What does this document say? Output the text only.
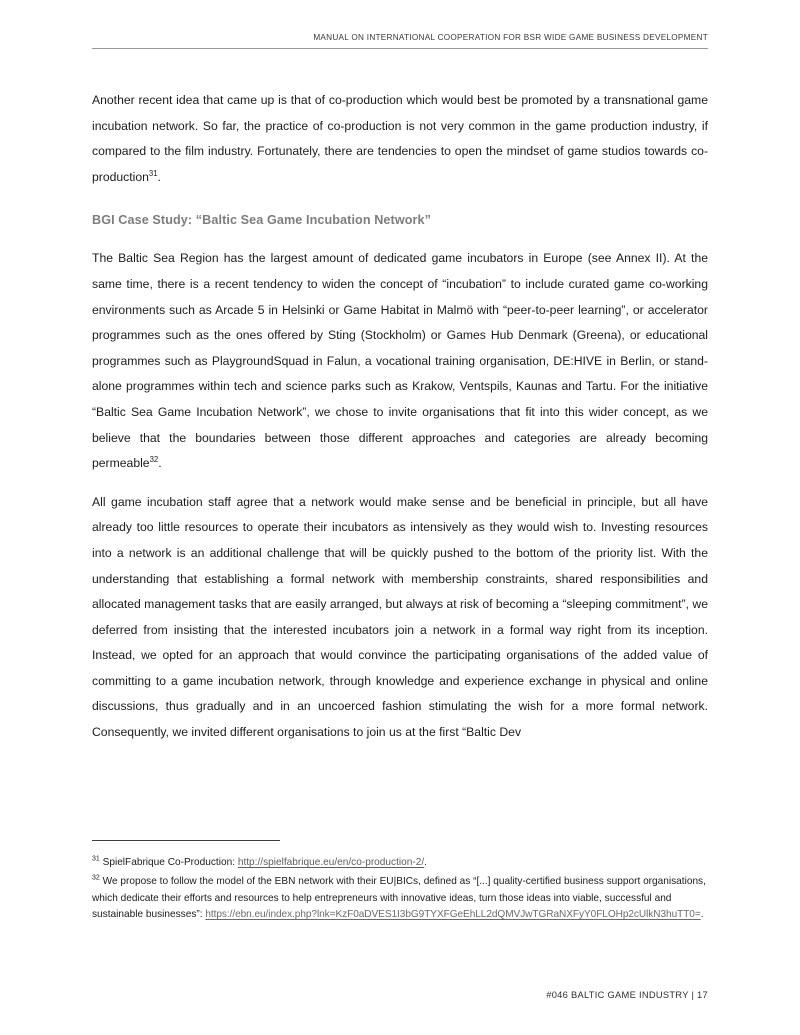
MANUAL ON INTERNATIONAL COOPERATION FOR BSR WIDE GAME BUSINESS DEVELOPMENT

Another recent idea that came up is that of co-production which would best be promoted by a transnational game incubation network. So far, the practice of co-production is not very common in the game production industry, if compared to the film industry. Fortunately, there are tendencies to open the mindset of game studios towards co-production$^{31}$.

BGI Case Study: “Baltic Sea Game Incubation Network”

The Baltic Sea Region has the largest amount of dedicated game incubators in Europe (see Annex II). At the same time, there is a recent tendency to widen the concept of “incubation” to include curated game co-working environments such as Arcade 5 in Helsinki or Game Habitat in Malmö with “peer-to-peer learning”, or accelerator programmes such as the ones offered by Sting (Stockholm) or Games Hub Denmark (Greena), or educational programmes such as PlaygroundSquad in Falun, a vocational training organisation, DE:HIVE in Berlin, or stand-alone programmes within tech and science parks such as Krakow, Ventspils, Kaunas and Tartu. For the initiative “Baltic Sea Game Incubation Network”, we chose to invite organisations that fit into this wider concept, as we believe that the boundaries between those different approaches and categories are already becoming permeable$^{32}$.

All game incubation staff agree that a network would make sense and be beneficial in principle, but all have already too little resources to operate their incubators as intensively as they would wish to. Investing resources into a network is an additional challenge that will be quickly pushed to the bottom of the priority list. With the understanding that establishing a formal network with membership constraints, shared responsibilities and allocated management tasks that are easily arranged, but always at risk of becoming a “sleeping commitment”, we deferred from insisting that the interested incubators join a network in a formal way right from its inception. Instead, we opted for an approach that would convince the participating organisations of the added value of committing to a game incubation network, through knowledge and experience exchange in physical and online discussions, thus gradually and in an uncoerced fashion stimulating the wish for a more formal network. Consequently, we invited different organisations to join us at the first “Baltic Dev

$^{31}$ SpielFabrique Co-Production: http://spielfabrique.eu/en/co-production-2/.
$^{32}$ We propose to follow the model of the EBN network with their EU|BICs, defined as “[...] quality-certified business support organisations, which dedicate their efforts and resources to help entrepreneurs with innovative ideas, turn those ideas into viable, successful and sustainable businesses”: https://ebn.eu/index.php?lnk=KzF0aDVES1I3bG9TYXFGeEhLL2dQMVJwTGRaNXFyY0FLOHp2cUlkN3huTT0=.
#046 BALTIC GAME INDUSTRY | 17
